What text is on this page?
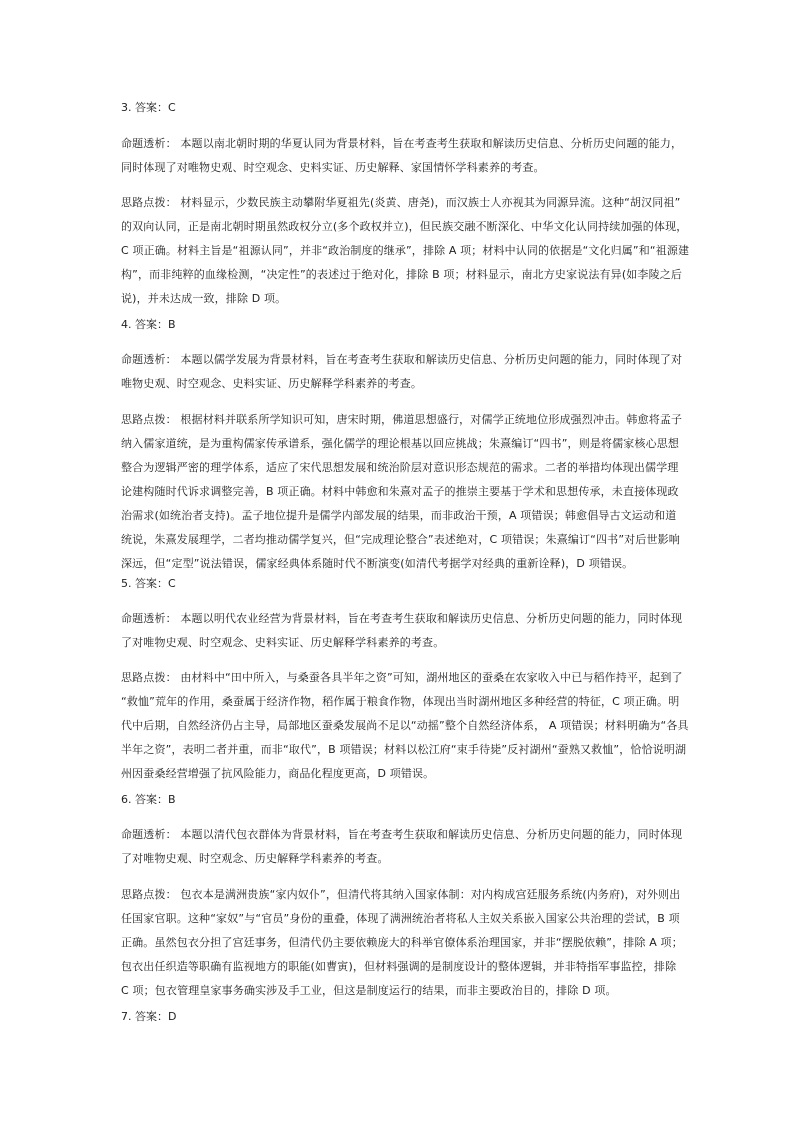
3. 答案：C
命题透析： 本题以南北朝时期的华夏认同为背景材料，旨在考查考生获取和解读历史信息、分析历史问题的能力，
同时体现了对唯物史观、时空观念、史料实证、历史解释、家国情怀学科素养的考查。
思路点拨： 材料显示，少数民族主动攀附华夏祖先(炎黄、唐尧)，而汉族士人亦视其为同源异流。这种“胡汉同祖”
的双向认同，正是南北朝时期虽然政权分立(多个政权并立)，但民族交融不断深化、中华文化认同持续加强的体现，
C 项正确。材料主旨是“祖源认同”，并非“政治制度的继承”，排除 A 项；材料中认同的依据是“文化归属”和“祖源建
构”，而非纯粹的血缘检测，“决定性”的表述过于绝对化，排除 B 项；材料显示，南北方史家说法有异(如李陵之后
说)，并未达成一致，排除 D 项。
4. 答案：B
命题透析： 本题以儒学发展为背景材料，旨在考查考生获取和解读历史信息、分析历史问题的能力，同时体现了对
唯物史观、时空观念、史料实证、历史解释学科素养的考查。
思路点拨： 根据材料并联系所学知识可知，唐宋时期，佛道思想盛行，对儒学正统地位形成强烈冲击。韩愈将孟子
纳入儒家道统，是为重构儒家传承谱系，强化儒学的理论根基以回应挑战；朱熹编订“四书”，则是将儒家核心思想
整合为逻辑严密的理学体系，适应了宋代思想发展和统治阶层对意识形态规范的需求。二者的举措均体现出儒学理
论建构随时代诉求调整完善，B 项正确。材料中韩愈和朱熹对孟子的推崇主要基于学术和思想传承，未直接体现政
治需求(如统治者支持)。孟子地位提升是儒学内部发展的结果，而非政治干预，A 项错误；韩愈倡导古文运动和道
统说，朱熹发展理学，二者均推动儒学复兴，但“完成理论整合”表述绝对，C 项错误；朱熹编订“四书”对后世影响
深远，但“定型”说法错误，儒家经典体系随时代不断演变(如清代考据学对经典的重新诠释)，D 项错误。
5. 答案：C
命题透析： 本题以明代农业经营为背景材料，旨在考查考生获取和解读历史信息、分析历史问题的能力，同时体现
了对唯物史观、时空观念、史料实证、历史解释学科素养的考查。
思路点拨： 由材料中“田中所入，与桑蚕各具半年之资”可知，湖州地区的蚕桑在农家收入中已与稻作持平，起到了
“救恤”荒年的作用，桑蚕属于经济作物，稻作属于粮食作物，体现出当时湖州地区多种经营的特征，C 项正确。明
代中后期，自然经济仍占主导，局部地区蚕桑发展尚不足以“动摇”整个自然经济体系， A 项错误；材料明确为“各具
半年之资”，表明二者并重，而非“取代”，B 项错误；材料以松江府“束手待毙”反衬湖州“蚕熟又救恤”，恰恰说明湖
州因蚕桑经营增强了抗风险能力，商品化程度更高，D 项错误。
6. 答案：B
命题透析： 本题以清代包衣群体为背景材料，旨在考查考生获取和解读历史信息、分析历史问题的能力，同时体现
了对唯物史观、时空观念、历史解释学科素养的考查。
思路点拨： 包衣本是满洲贵族“家内奴仆”，但清代将其纳入国家体制：对内构成宫廷服务系统(内务府)，对外则出
任国家官职。这种“家奴”与“官员”身份的重叠，体现了满洲统治者将私人主奴关系嵌入国家公共治理的尝试，B 项
正确。虽然包衣分担了宫廷事务，但清代仍主要依赖庞大的科举官僚体系治理国家，并非“摆脱依赖”，排除 A 项；
包衣出任织造等职确有监视地方的职能(如曹寅)，但材料强调的是制度设计的整体逻辑，并非特指军事监控，排除
C 项；包衣管理皇家事务确实涉及手工业，但这是制度运行的结果，而非主要政治目的，排除 D 项。
7. 答案：D
